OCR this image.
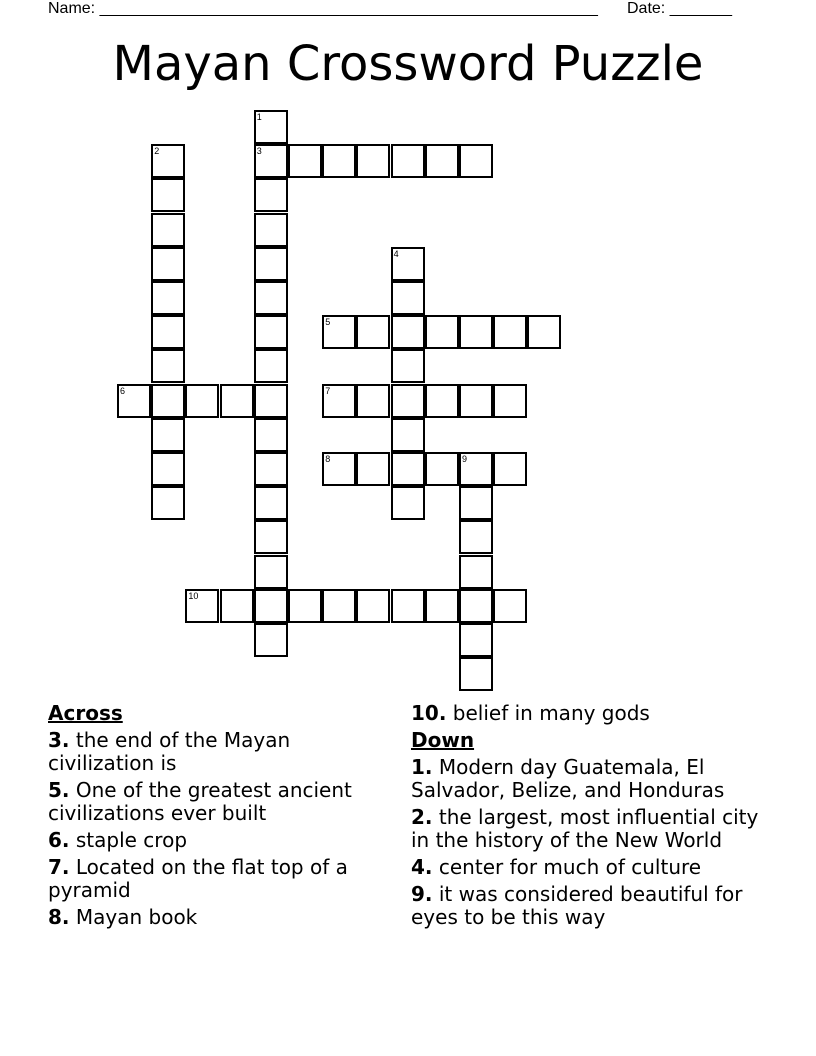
Name: ________________________________________________________ Date: _______
Mayan Crossword Puzzle
1
3
2
4
5
6	7
8	9
10
Across
3. the end of the Mayan civilization is
5. One of the greatest ancient civilizations ever built
6. staple crop
7. Located on the flat top of a pyramid
8. Mayan book
10. belief in many gods
Down
1. Modern day Guatemala, El Salvador, Belize, and Honduras
2. the largest, most influential city in the history of the New World
4. center for much of culture
9. it was considered beautiful for eyes to be this way
